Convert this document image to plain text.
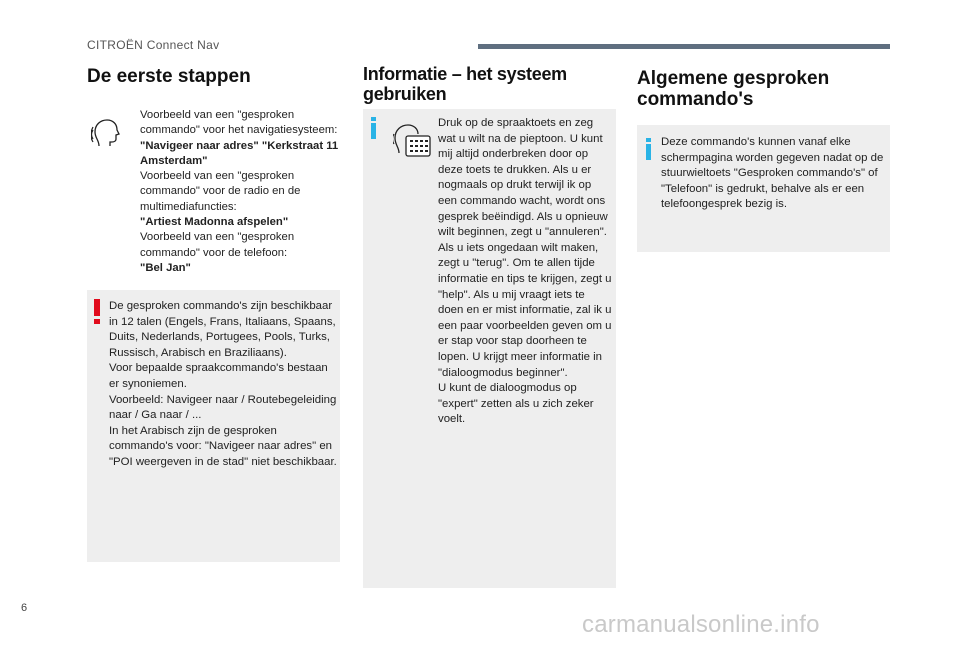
CITROËN Connect Nav
De eerste stappen
Voorbeeld van een "gesproken commando" voor het navigatiesysteem:
"Navigeer naar adres" "Kerkstraat 11 Amsterdam"
Voorbeeld van een "gesproken commando" voor de radio en de multimediafuncties:
"Artiest Madonna afspelen"
Voorbeeld van een "gesproken commando" voor de telefoon:
"Bel Jan"
De gesproken commando's zijn beschikbaar in 12 talen (Engels, Frans, Italiaans, Spaans, Duits, Nederlands, Portugees, Pools, Turks, Russisch, Arabisch en Braziliaans).
Voor bepaalde spraakcommando's bestaan er synoniemen.
Voorbeeld: Navigeer naar / Routebegeleiding naar / Ga naar / ...
In het Arabisch zijn de gesproken commando's voor: "Navigeer naar adres" en "POI weergeven in de stad" niet beschikbaar.
Informatie – het systeem gebruiken
Druk op de spraaktoets en zeg wat u wilt na de pieptoon. U kunt mij altijd onderbreken door op deze toets te drukken. Als u er nogmaals op drukt terwijl ik op een commando wacht, wordt ons gesprek beëindigd. Als u opnieuw wilt beginnen, zegt u "annuleren". Als u iets ongedaan wilt maken, zegt u "terug". Om te allen tijde informatie en tips te krijgen, zegt u "help". Als u mij vraagt iets te doen en er mist informatie, zal ik u een paar voorbeelden geven om u er stap voor stap doorheen te lopen. U krijgt meer informatie in "dialoogmodus beginner".
U kunt de dialoogmodus op "expert" zetten als u zich zeker voelt.
Algemene gesproken commando's
Deze commando's kunnen vanaf elke schermpagina worden gegeven nadat op de stuurwieltoets "Gesproken commando's" of "Telefoon" is gedrukt, behalve als er een telefoongesprek bezig is.
6
carmanualsonline.info
